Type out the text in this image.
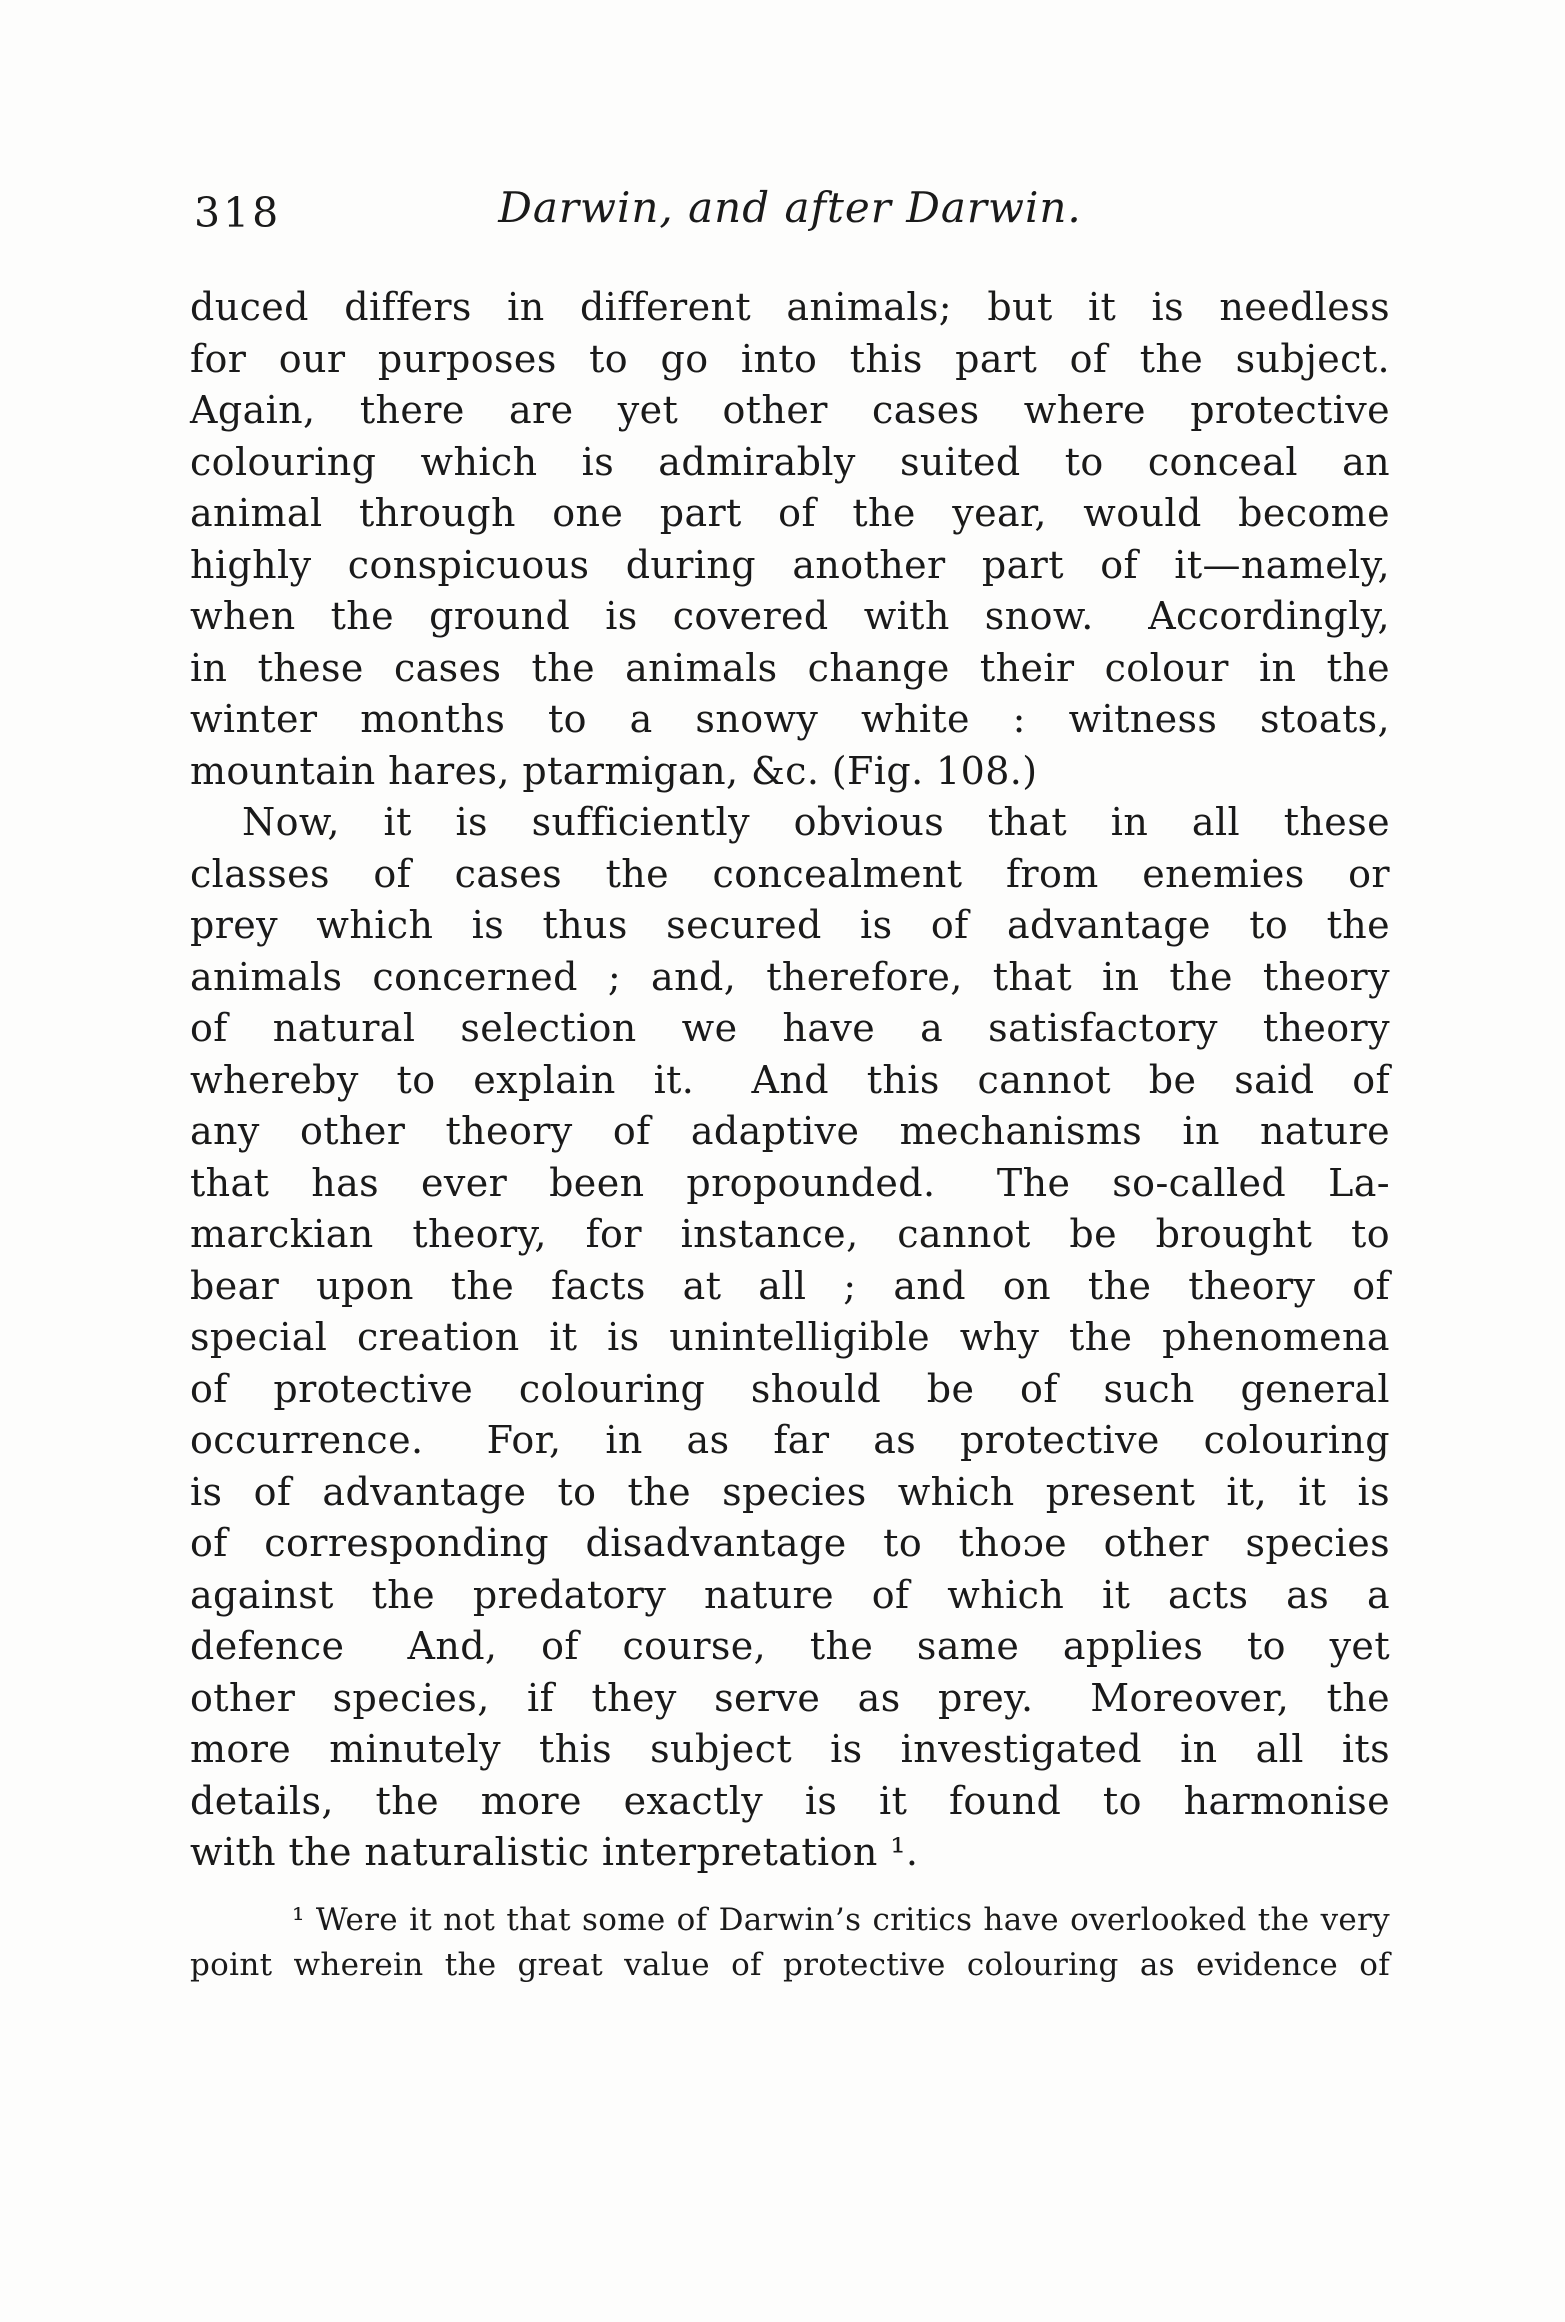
318	Darwin, and after Darwin.
duced differs in different animals; but it is needless
for our purposes to go into this part of the subject.
Again, there are yet other cases where protective
colouring which is admirably suited to conceal an
animal through one part of the year, would become
highly conspicuous during another part of it—namely,
when the ground is covered with snow.  Accordingly,
in these cases the animals change their colour in the
winter months to a snowy white : witness stoats,
mountain hares, ptarmigan, &c. (Fig. 108.)
Now, it is sufficiently obvious that in all these
classes of cases the concealment from enemies or
prey which is thus secured is of advantage to the
animals concerned ; and, therefore, that in the theory
of natural selection we have a satisfactory theory
whereby to explain it.  And this cannot be said of
any other theory of adaptive mechanisms in nature
that has ever been propounded.  The so-called La-
marckian theory, for instance, cannot be brought to
bear upon the facts at all ; and on the theory of
special creation it is unintelligible why the phenomena
of protective colouring should be of such general
occurrence.  For, in as far as protective colouring
is of advantage to the species which present it, it is
of corresponding disadvantage to thoɔe other species
against the predatory nature of which it acts as a
defence  And, of course, the same applies to yet
other species, if they serve as prey.  Moreover, the
more minutely this subject is investigated in all its
details, the more exactly is it found to harmonise
with the naturalistic interpretation ¹.
¹ Were it not that some of Darwin’s critics have overlooked the very
point wherein the great value of protective colouring as evidence of
